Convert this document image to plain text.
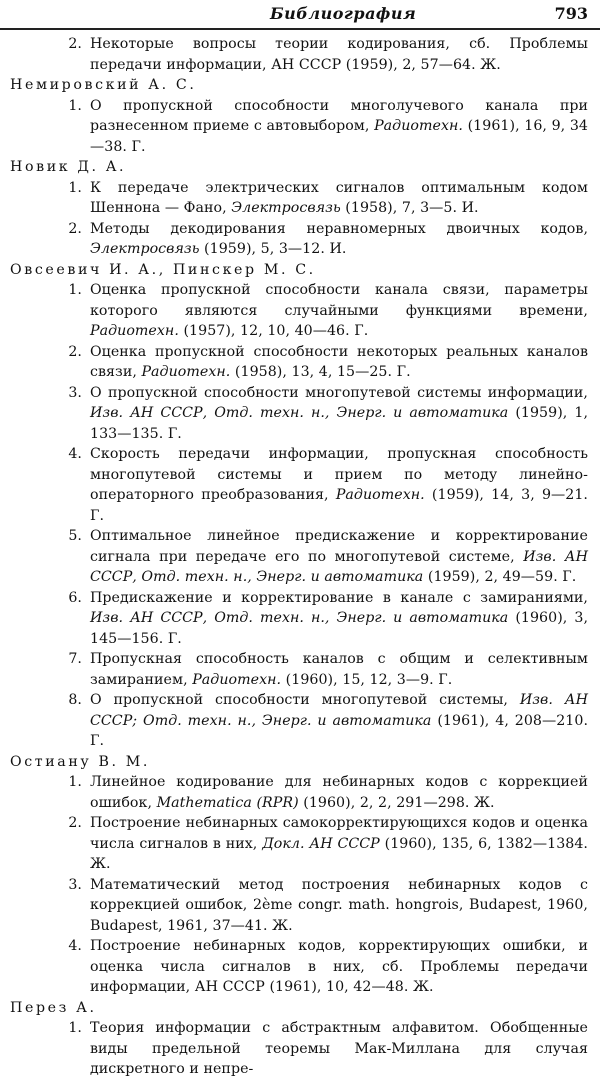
Библиография	793
2. Некоторые вопросы теории кодирования, сб. Проблемы передачи информации, АН СССР (1959), 2, 57—64. Ж.
Немировский А. С.
1. О пропускной способности многолучевого канала при разнесенном приеме с автовыбором, Радиотехн. (1961), 16, 9, 34—38. Г.
Новик Д. А.
1. К передаче электрических сигналов оптимальным кодом Шеннона — Фано, Электросвязь (1958), 7, 3—5. И.
2. Методы декодирования неравномерных двоичных кодов, Электросвязь (1959), 5, 3—12. И.
Овсеевич И. А., Пинскер М. С.
1. Оценка пропускной способности канала связи, параметры которого являются случайными функциями времени, Радиотехн. (1957), 12, 10, 40—46. Г.
2. Оценка пропускной способности некоторых реальных каналов связи, Радиотехн. (1958), 13, 4, 15—25. Г.
3. О пропускной способности многопутевой системы информации, Изв. АН СССР, Отд. техн. н., Энерг. и автоматика (1959), 1, 133—135. Г.
4. Скорость передачи информации, пропускная способность многопутевой системы и прием по методу линейно-операторного преобразования, Радиотехн. (1959), 14, 3, 9—21. Г.
5. Оптимальное линейное предискажение и корректирование сигнала при передаче его по многопутевой системе, Изв. АН СССР, Отд. техн. н., Энерг. и автоматика (1959), 2, 49—59. Г.
6. Предискажение и корректирование в канале с замираниями, Изв. АН СССР, Отд. техн. н., Энерг. и автоматика (1960), 3, 145—156. Г.
7. Пропускная способность каналов с общим и селективным замиранием, Радиотехн. (1960), 15, 12, 3—9. Г.
8. О пропускной способности многопутевой системы, Изв. АН СССР; Отд. техн. н., Энерг. и автоматика (1961), 4, 208—210. Г.
Остиану В. М.
1. Линейное кодирование для небинарных кодов с коррекцией ошибок, Mathematica (RPR) (1960), 2, 2, 291—298. Ж.
2. Построение небинарных самокорректирующихся кодов и оценка числа сигналов в них, Докл. АН СССР (1960), 135, 6, 1382—1384. Ж.
3. Математический метод построения небинарных кодов с коррекцией ошибок, 2ème congr. math. hongrois, Budapest, 1960, Budapest, 1961, 37—41. Ж.
4. Построение небинарных кодов, корректирующих ошибки, и оценка числа сигналов в них, сб. Проблемы передачи информации, АН СССР (1961), 10, 42—48. Ж.
Перез А.
1. Теория информации с абстрактным алфавитом. Обобщенные виды предельной теоремы Мак-Миллана для случая дискретного и непре-
